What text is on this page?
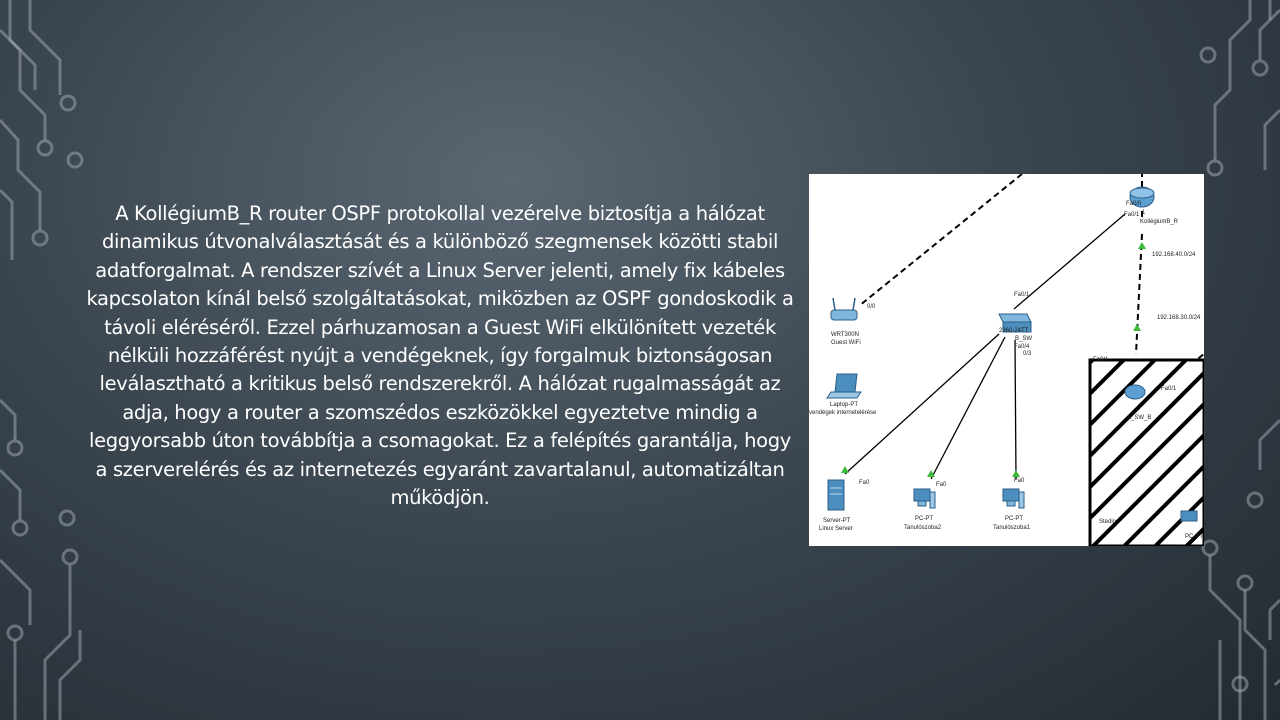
A KollégiumB_R router OSPF protokollal vezérelve biztosítja a hálózat
dinamikus útvonalválasztását és a különböző szegmensek közötti stabil
adatforgalmat. A rendszer szívét a Linux Server jelenti, amely fix kábeles
kapcsolaton kínál belső szolgáltatásokat, miközben az OSPF gondoskodik a
távoli eléréséről. Ezzel párhuzamosan a Guest WiFi elkülönített vezeték
nélküli hozzáférést nyújt a vendégeknek, így forgalmuk biztonságosan
leválasztható a kritikus belső rendszerekről. A hálózat rugalmasságát az
adja, hogy a router a szomszédos eszközökkel egyeztetve mindig a
leggyorsabb úton továbbítja a csomagokat. Ez a felépítés garantálja, hogy
a szerverelérés és az internetezés egyaránt zavartalanul, automatizáltan
működjön.
Fa0/0
Fa0/1 1
KollégiumB_R
192.168.40.0/24
192.168.30.0/24
Fa0/1
2960-24TT
B_SW
Fa0/4
0/3
0/0
WRT300N
Guest WiFi
Laptop-PT
vendégek internetelérése
Fa0
Server-PT
Linux Server
Fa0
PC-PT
Tanulószoba2
Fa0
PC-PT
Tanulószoba1
Fa0/1
Fa0/1
A_SW_B
Stedio
PC-PT
